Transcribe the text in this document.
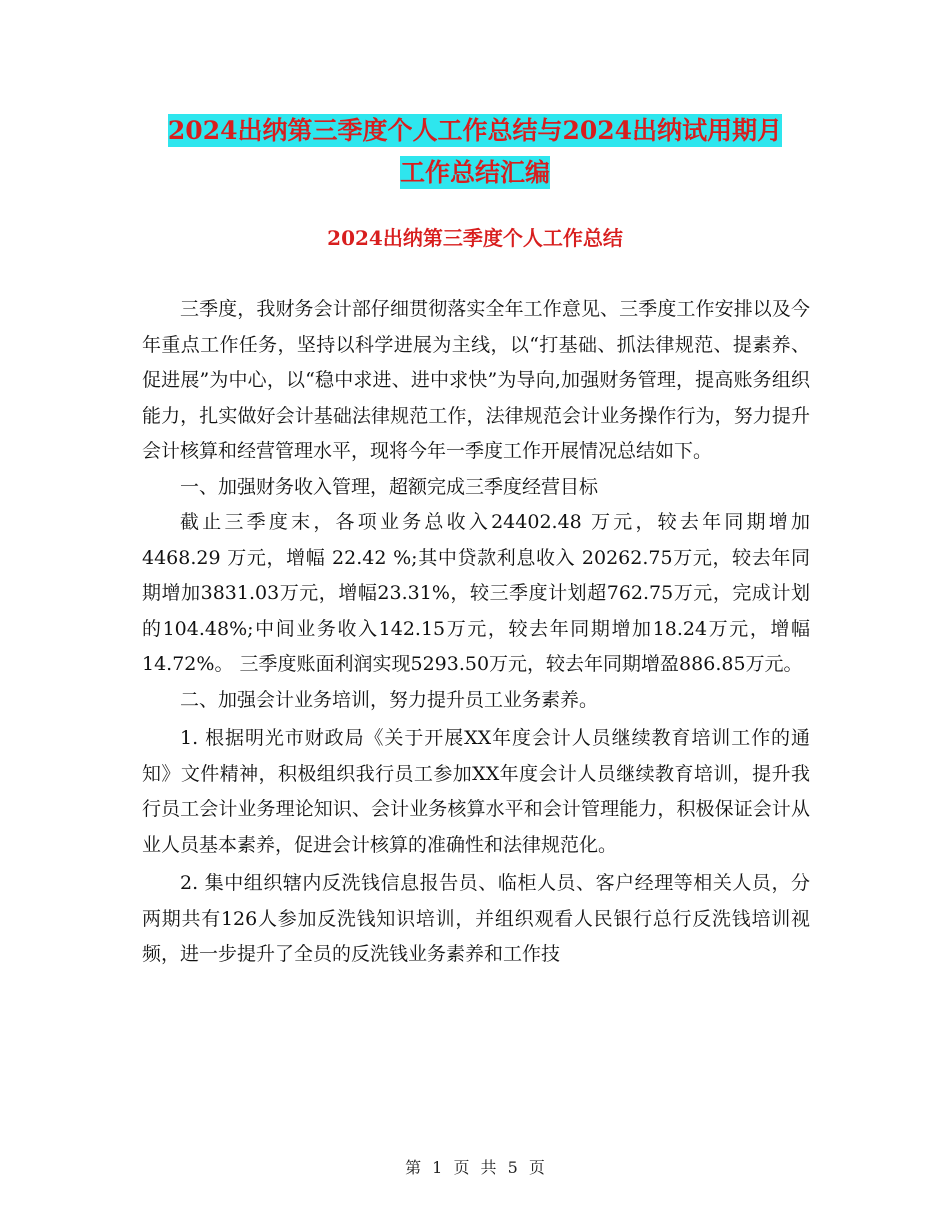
2024出纳第三季度个人工作总结与2024出纳试用期月
工作总结汇编
2024出纳第三季度个人工作总结

三季度，我财务会计部仔细贯彻落实全年工作意见、三季度工作安排以及今年重点工作任务，坚持以科学进展为主线，以“打基础、抓法律规范、提素养、促进展”为中心，以“稳中求进、进中求快”为导向,加强财务管理，提高账务组织能力，扎实做好会计基础法律规范工作，法律规范会计业务操作行为，努力提升会计核算和经营管理水平，现将今年一季度工作开展情况总结如下。

一、加强财务收入管理，超额完成三季度经营目标

截止三季度末，各项业务总收入24402.48 万元，较去年同期增加4468.29 万元，增幅 22.42 %;其中贷款利息收入 20262.75万元，较去年同期增加3831.03万元，增幅23.31%，较三季度计划超762.75万元，完成计划的104.48%;中间业务收入142.15万元，较去年同期增加18.24万元，增幅14.72%。 三季度账面利润实现5293.50万元，较去年同期增盈886.85万元。

二、加强会计业务培训，努力提升员工业务素养。

1. 根据明光市财政局《关于开展XX年度会计人员继续教育培训工作的通知》文件精神，积极组织我行员工参加XX年度会计人员继续教育培训，提升我行员工会计业务理论知识、会计业务核算水平和会计管理能力，积极保证会计从业人员基本素养，促进会计核算的准确性和法律规范化。

2. 集中组织辖内反洗钱信息报告员、临柜人员、客户经理等相关人员，分两期共有126人参加反洗钱知识培训，并组织观看人民银行总行反洗钱培训视频，进一步提升了全员的反洗钱业务素养和工作技

第 1 页 共 5 页
